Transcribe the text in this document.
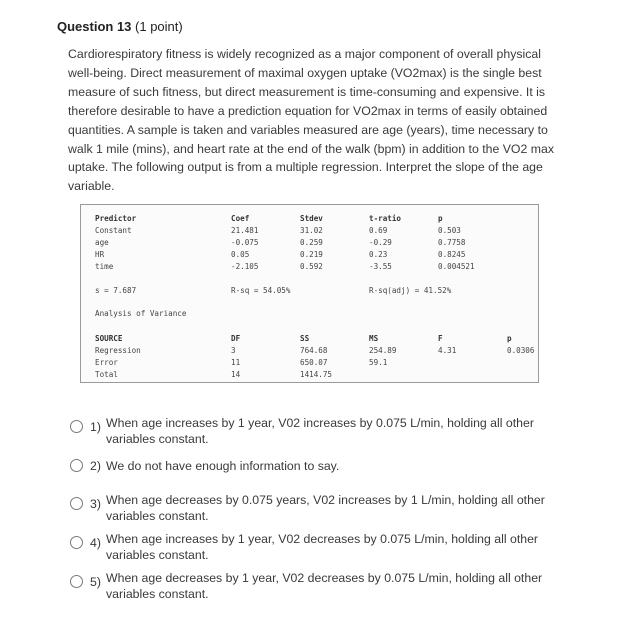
Question 13 (1 point)
Cardiorespiratory fitness is widely recognized as a major component of overall physical well-being. Direct measurement of maximal oxygen uptake (VO2max) is the single best measure of such fitness, but direct measurement is time-consuming and expensive. It is therefore desirable to have a prediction equation for VO2max in terms of easily obtained quantities. A sample is taken and variables measured are age (years), time necessary to walk 1 mile (mins), and heart rate at the end of the walk (bpm) in addition to the VO2 max uptake. The following output is from a multiple regression. Interpret the slope of the age variable.
Predictor	Coef	Stdev	t-ratio	p
Constant	21.481	31.02	0.69	0.503
age	-0.075	0.259	-0.29	0.7758
HR	0.05	0.219	0.23	0.8245
time	-2.105	0.592	-3.55	0.004521
s = 7.687	R-sq = 54.05%	R-sq(adj) = 41.52%
Analysis of Variance
SOURCE	DF	SS	MS	F	p
Regression	3	764.68	254.89	4.31	0.0306
Error	11	650.07	59.1
Total	14	1414.75
1) When age increases by 1 year, V02 increases by 0.075 L/min, holding all other variables constant.
2) We do not have enough information to say.
3) When age decreases by 0.075 years, V02 increases by 1 L/min, holding all other variables constant.
4) When age increases by 1 year, V02 decreases by 0.075 L/min, holding all other variables constant.
5) When age decreases by 1 year, V02 decreases by 0.075 L/min, holding all other variables constant.
